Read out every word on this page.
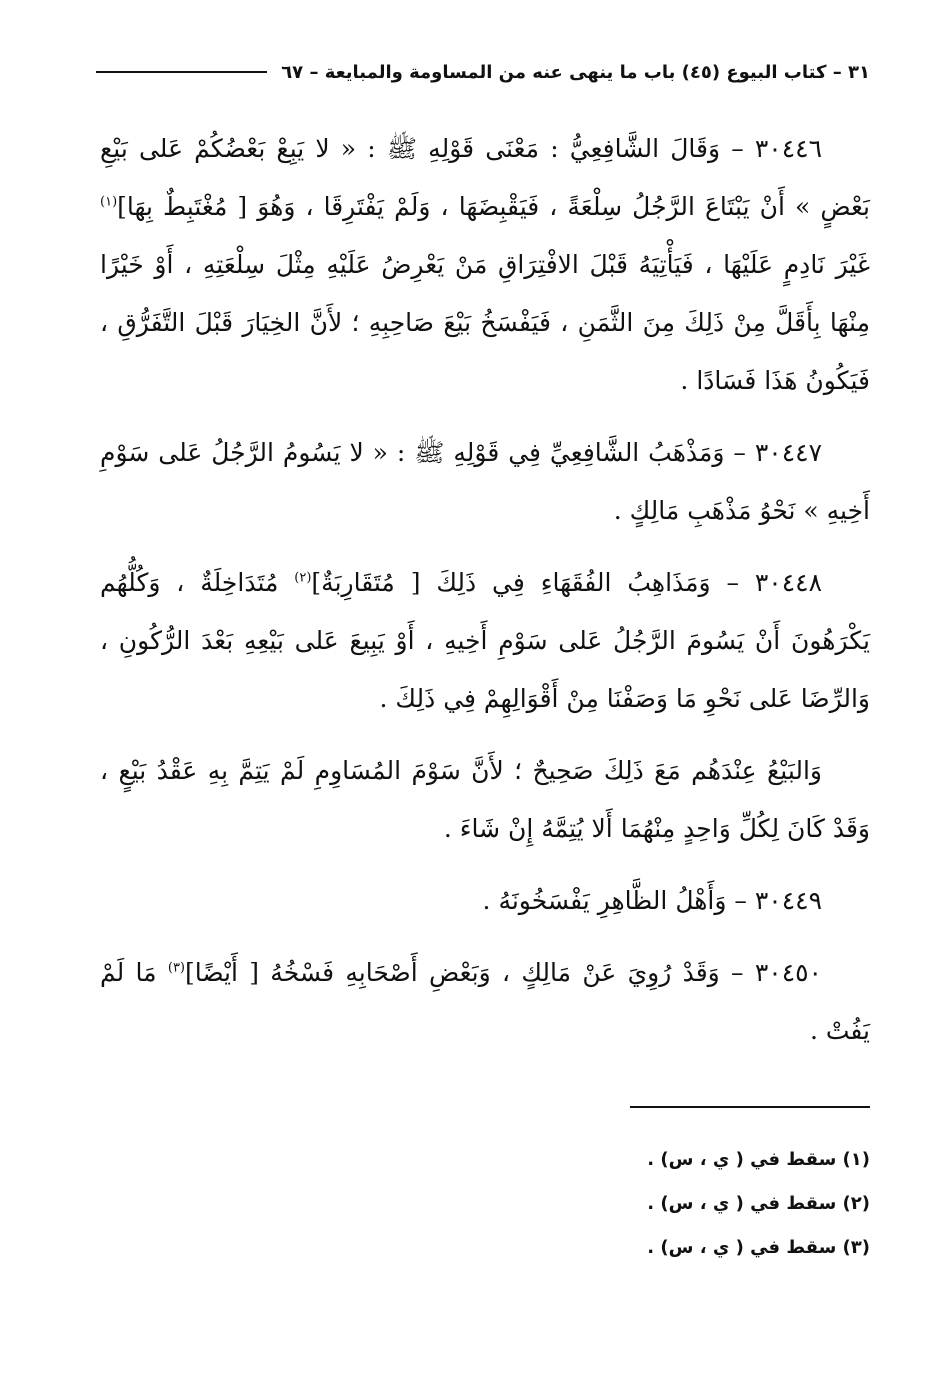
٣١ – كتاب البيوع (٤٥) باب ما ينهى عنه من المساومة والمبايعة – ٦٧

٣٠٤٤٦ – وَقَالَ الشَّافِعِيُّ : مَعْنَى قَوْلِهِ ﷺ : « لا يَبِعْ بَعْضُكُمْ عَلى بَيْعِ بَعْضٍ » أَنْ يَبْتَاعَ الرَّجُلُ سِلْعَةً ، فَيَقْبِضَهَا ، وَلَمْ يَفْتَرِقَا ، وَهُوَ [ مُغْتَبِطٌ بِهَا]$^{(١)}$ غَيْرَ نَادِمٍ عَلَيْهَا ، فَيَأْتِيَهُ قَبْلَ الافْتِرَاقِ مَنْ يَعْرِضُ عَلَيْهِ مِثْلَ سِلْعَتِهِ ، أَوْ خَيْرًا مِنْهَا بِأَقَلَّ مِنْ ذَلِكَ مِنَ الثَّمَنِ ، فَيَفْسَخُ بَيْعَ صَاحِبِهِ ؛ لأَنَّ الخِيَارَ قَبْلَ التَّفَرُّقِ ، فَيَكُونُ هَذَا فَسَادًا .

٣٠٤٤٧ – وَمَذْهَبُ الشَّافِعِيِّ فِي قَوْلِهِ ﷺ : « لا يَسُومُ الرَّجُلُ عَلى سَوْمِ أَخِيهِ » نَحْوُ مَذْهَبِ مَالِكٍ .

٣٠٤٤٨ – وَمَذَاهِبُ الفُقَهَاءِ فِي ذَلِكَ [ مُتَقَارِبَةٌ]$^{(٢)}$ مُتَدَاخِلَةٌ ، وَكُلُّهُم يَكْرَهُونَ أَنْ يَسُومَ الرَّجُلُ عَلى سَوْمِ أَخِيهِ ، أَوْ يَبِيعَ عَلى بَيْعِهِ بَعْدَ الرُّكُونِ ، وَالرِّضَا عَلى نَحْوِ مَا وَصَفْنَا مِنْ أَقْوَالِهِمْ فِي ذَلِكَ .

وَالبَيْعُ عِنْدَهُم مَعَ ذَلِكَ صَحِيحٌ ؛ لأَنَّ سَوْمَ المُسَاوِمِ لَمْ يَتِمَّ بِهِ عَقْدُ بَيْعٍ ، وَقَدْ كَانَ لِكُلِّ وَاحِدٍ مِنْهُمَا أَلا يُتِمَّهُ إِنْ شَاءَ .

٣٠٤٤٩ – وَأَهْلُ الظَّاهِرِ يَفْسَخُونَهُ .

٣٠٤٥٠ – وَقَدْ رُوِيَ عَنْ مَالِكٍ ، وَبَعْضِ أَصْحَابِهِ فَسْخُهُ [ أَيْضًا]$^{(٣)}$ مَا لَمْ يَفُتْ .

(١) سقط في ( ي ، س) .
(٢) سقط في ( ي ، س) .
(٣) سقط في ( ي ، س) .
